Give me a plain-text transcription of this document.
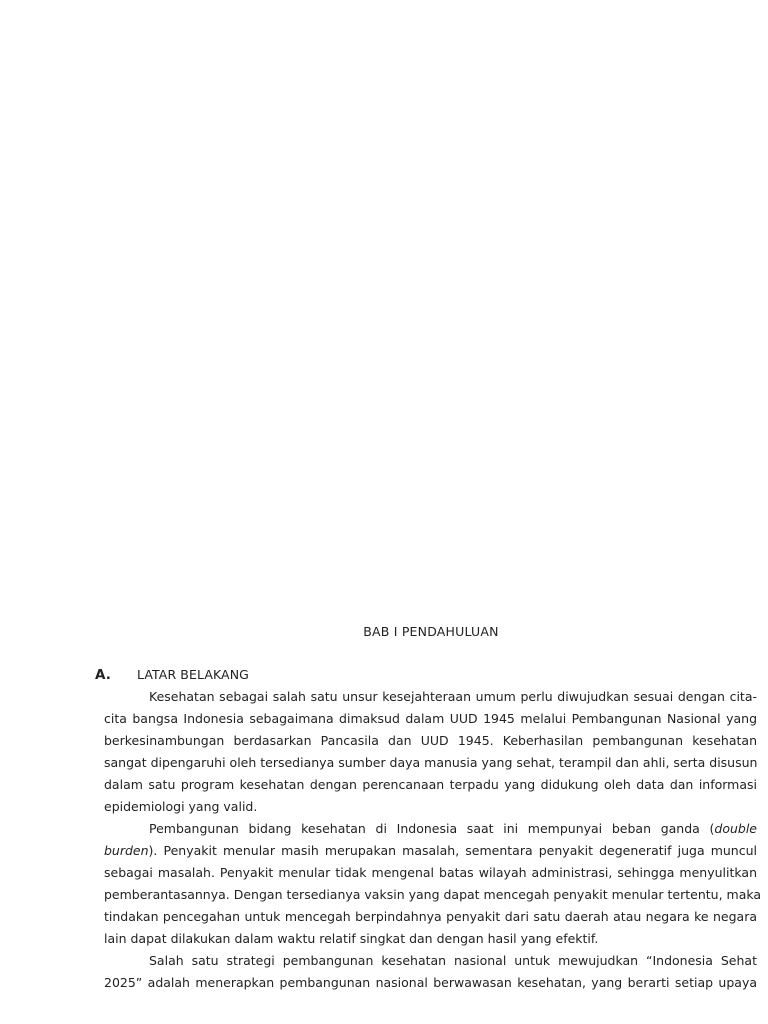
BAB I PENDAHULUAN
A.	LATAR BELAKANG
Kesehatan sebagai salah satu unsur kesejahteraan umum perlu diwujudkan sesuai dengan cita-
cita bangsa Indonesia sebagaimana dimaksud dalam UUD 1945 melalui Pembangunan Nasional yang
berkesinambungan berdasarkan Pancasila dan UUD 1945. Keberhasilan pembangunan kesehatan
sangat dipengaruhi oleh tersedianya sumber daya manusia yang sehat, terampil dan ahli, serta disusun
dalam satu program kesehatan dengan perencanaan terpadu yang didukung oleh data dan informasi
epidemiologi yang valid.
Pembangunan bidang kesehatan di Indonesia saat ini mempunyai beban ganda (double
burden). Penyakit menular masih merupakan masalah, sementara penyakit degeneratif juga muncul
sebagai masalah. Penyakit menular tidak mengenal batas wilayah administrasi, sehingga menyulitkan
pemberantasannya. Dengan tersedianya vaksin yang dapat mencegah penyakit menular tertentu, maka
tindakan pencegahan untuk mencegah berpindahnya penyakit dari satu daerah atau negara ke negara
lain dapat dilakukan dalam waktu relatif singkat dan dengan hasil yang efektif.
Salah satu strategi pembangunan kesehatan nasional untuk mewujudkan “Indonesia Sehat
2025” adalah menerapkan pembangunan nasional berwawasan kesehatan, yang berarti setiap upaya
